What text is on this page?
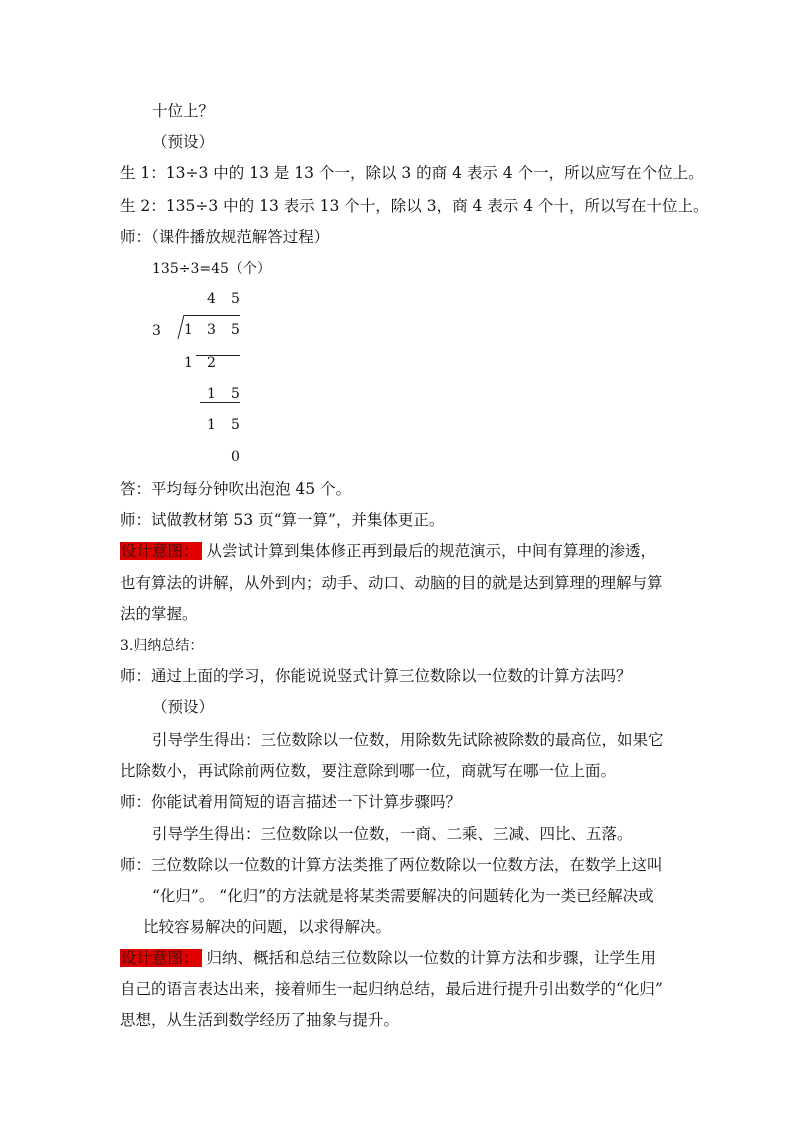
十位上？
（预设）
生 1：13÷3 中的 13 是 13 个一，除以 3 的商 4 表示 4 个一，所以应写在个位上。
生 2：135÷3 中的 13 表示 13 个十，除以 3，商 4 表示 4 个十，所以写在十位上。
师：（课件播放规范解答过程）
135÷3=45（个）
4 5
3 1 3 5
1 2
1 5
1 5
0
答：平均每分钟吹出泡泡 45 个。
师：试做教材第 53 页“算一算”，并集体更正。
设计意图： 从尝试计算到集体修正再到最后的规范演示，中间有算理的渗透，
也有算法的讲解，从外到内；动手、动口、动脑的目的就是达到算理的理解与算
法的掌握。
3.归纳总结：
师：通过上面的学习，你能说说竖式计算三位数除以一位数的计算方法吗？
（预设）
引导学生得出：三位数除以一位数，用除数先试除被除数的最高位，如果它
比除数小，再试除前两位数，要注意除到哪一位，商就写在哪一位上面。
师：你能试着用简短的语言描述一下计算步骤吗？
引导学生得出：三位数除以一位数，一商、二乘、三减、四比、五落。
师：三位数除以一位数的计算方法类推了两位数除以一位数方法，在数学上这叫
“化归”。 “化归”的方法就是将某类需要解决的问题转化为一类已经解决或
比较容易解决的问题，以求得解决。
设计意图： 归纳、概括和总结三位数除以一位数的计算方法和步骤，让学生用
自己的语言表达出来，接着师生一起归纳总结，最后进行提升引出数学的“化归”
思想，从生活到数学经历了抽象与提升。
